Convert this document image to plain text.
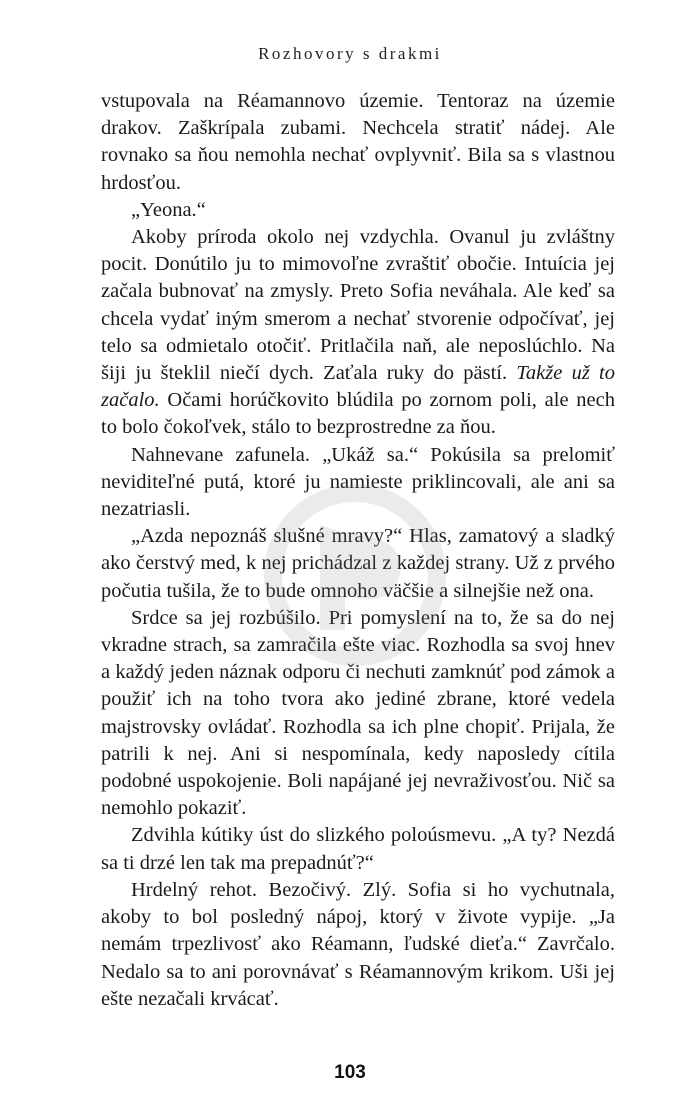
Rozhovory s drakmi

vstupovala na Réamannovo územie. Tentoraz na územie drakov. Zaškrípala zubami. Nechcela stratiť nádej. Ale rovnako sa ňou nemohla nechať ovplyvniť. Bila sa s vlastnou hrdosťou.

„Yeona.“

Akoby príroda okolo nej vzdychla. Ovanul ju zvláštny pocit. Donútilo ju to mimovoľne zvraštiť obočie. Intuícia jej začala bubnovať na zmysly. Preto Sofia neváhala. Ale keď sa chcela vydať iným smerom a nechať stvorenie odpočívať, jej telo sa odmietalo otočiť. Pritlačila naň, ale neposlúchlo. Na šiji ju šteklil niečí dych. Zaťala ruky do pästí. Takže už to začalo. Očami horúčkovito blúdila po zornom poli, ale nech to bolo čokoľvek, stálo to bezprostredne za ňou.

Nahnevane zafunela. „Ukáž sa.“ Pokúsila sa prelomiť neviditeľné putá, ktoré ju namieste priklincovali, ale ani sa nezatriasli.

„Azda nepoznáš slušné mravy?“ Hlas, zamatový a sladký ako čerstvý med, k nej prichádzal z každej strany. Už z prvého počutia tušila, že to bude omnoho väčšie a silnejšie než ona.

Srdce sa jej rozbúšilo. Pri pomyslení na to, že sa do nej vkradne strach, sa zamračila ešte viac. Rozhodla sa svoj hnev a každý jeden náznak odporu či nechuti zamknúť pod zámok a použiť ich na toho tvora ako jediné zbrane, ktoré vedela majstrovsky ovládať. Rozhodla sa ich plne chopiť. Prijala, že patrili k nej. Ani si nespomínala, kedy naposledy cítila podobné uspokojenie. Boli napájané jej nevraživosťou. Nič sa nemohlo pokaziť.

Zdvihla kútiky úst do slizkého poloúsmevu. „A ty? Nezdá sa ti drzé len tak ma prepadnúť?“

Hrdelný rehot. Bezočivý. Zlý. Sofia si ho vychutnala, akoby to bol posledný nápoj, ktorý v živote vypije. „Ja nemám trpezlivosť ako Réamann, ľudské dieťa.“ Zavrčalo. Nedalo sa to ani porovnávať s Réamannovým krikom. Uši jej ešte nezačali krvácať.

103
